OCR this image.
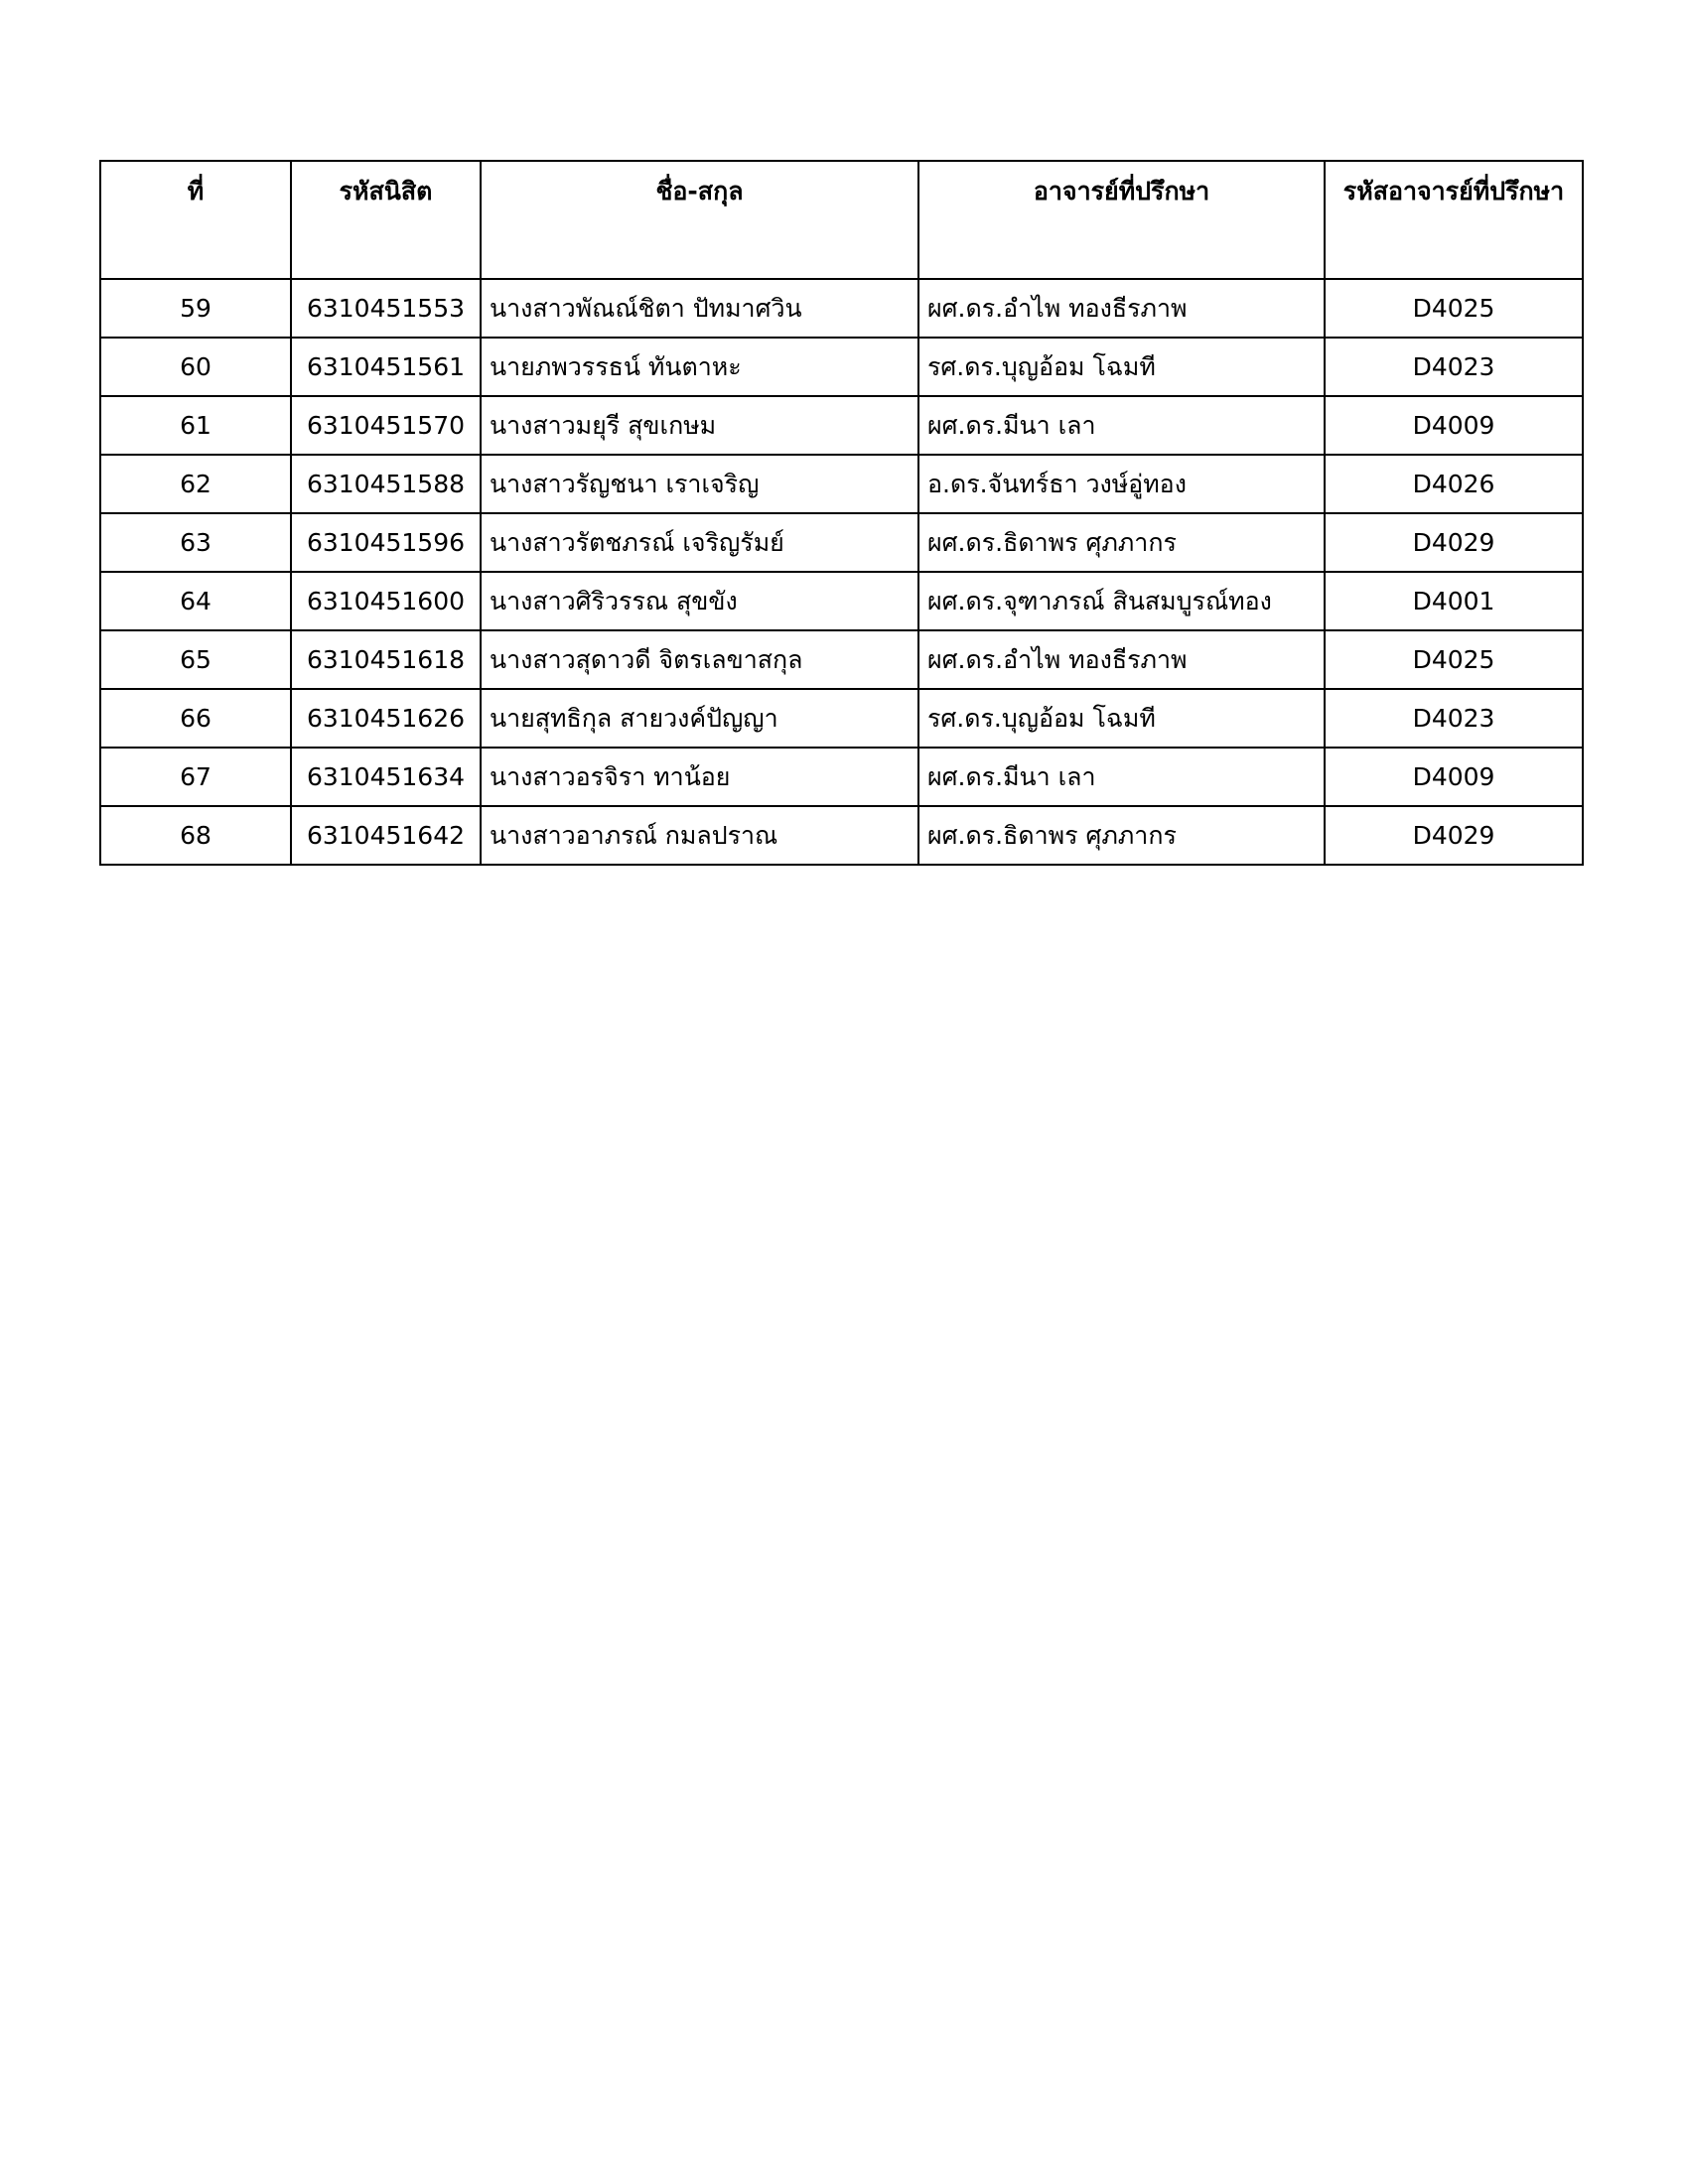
ที่	รหัสนิสิต	ชื่อ-สกุล	อาจารย์ที่ปรึกษา	รหัสอาจารย์ที่ปรึกษา
59	6310451553	นางสาวพัณณ์ชิตา ปัทมาศวิน	ผศ.ดร.อำไพ ทองธีรภาพ	D4025
60	6310451561	นายภพวรรธน์ ทันตาหะ	รศ.ดร.บุญอ้อม โฉมที	D4023
61	6310451570	นางสาวมยุรี สุขเกษม	ผศ.ดร.มีนา เลา	D4009
62	6310451588	นางสาวรัญชนา เราเจริญ	อ.ดร.จันทร์ธา วงษ์อู่ทอง	D4026
63	6310451596	นางสาวรัตชภรณ์ เจริญรัมย์	ผศ.ดร.ธิดาพร ศุภภากร	D4029
64	6310451600	นางสาวศิริวรรณ สุขขัง	ผศ.ดร.จุฑาภรณ์ สินสมบูรณ์ทอง	D4001
65	6310451618	นางสาวสุดาวดี จิตรเลขาสกุล	ผศ.ดร.อำไพ ทองธีรภาพ	D4025
66	6310451626	นายสุทธิกุล สายวงค์ปัญญา	รศ.ดร.บุญอ้อม โฉมที	D4023
67	6310451634	นางสาวอรจิรา ทาน้อย	ผศ.ดร.มีนา เลา	D4009
68	6310451642	นางสาวอาภรณ์ กมลปราณ	ผศ.ดร.ธิดาพร ศุภภากร	D4029
